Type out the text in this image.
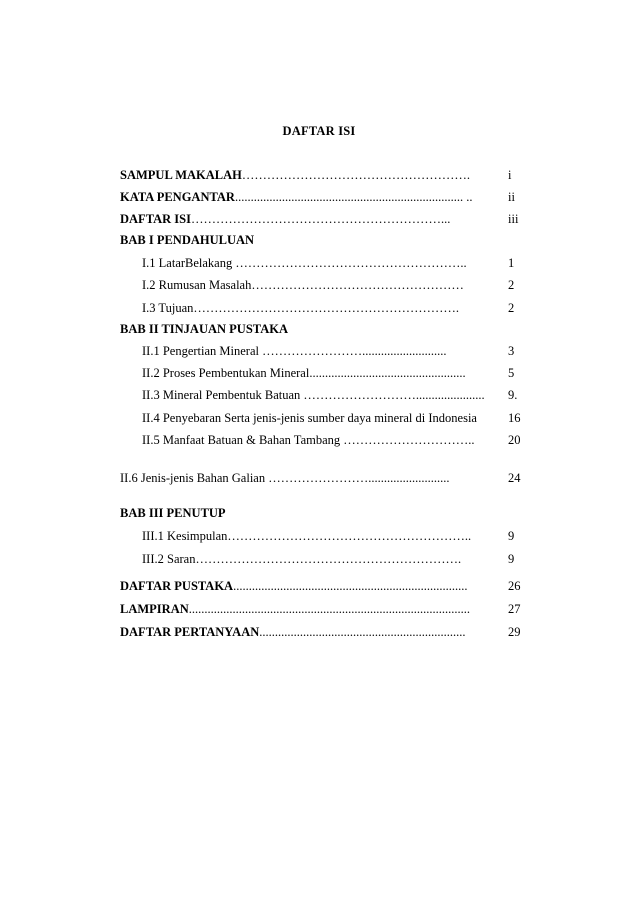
DAFTAR ISI
SAMPUL MAKALAH……………………………………………….	i
KATA PENGANTAR......................................................................... ..	ii
DAFTAR ISI……………………………………………………...	iii
BAB I PENDAHULUAN
I.1 LatarBelakang ………………………………………………..	1
I.2 Rumusan Masalah……………………………………………	2
I.3 Tujuan……………………………………………………….	2
BAB II TINJAUAN PUSTAKA
II.1 Pengertian Mineral ……………………...........................	3
II.2 Proses Pembentukan Mineral..................................................	5
II.3 Mineral Pembentuk Batuan ………………………...................... 9.
II.4 Penyebaran Serta jenis-jenis sumber daya mineral di Indonesia 16
II.5 Manfaat Batuan & Bahan Tambang …………………………..	20
II.6 Jenis-jenis Bahan Galian ……………………..........................	24
BAB III PENUTUP
III.1 Kesimpulan…………………………………………………..	9
III.2 Saran……………………………………………………….	9
DAFTAR PUSTAKA...........................................................................	26
LAMPIRAN..........................................................................................	27
DAFTAR PERTANYAAN..................................................................	29
